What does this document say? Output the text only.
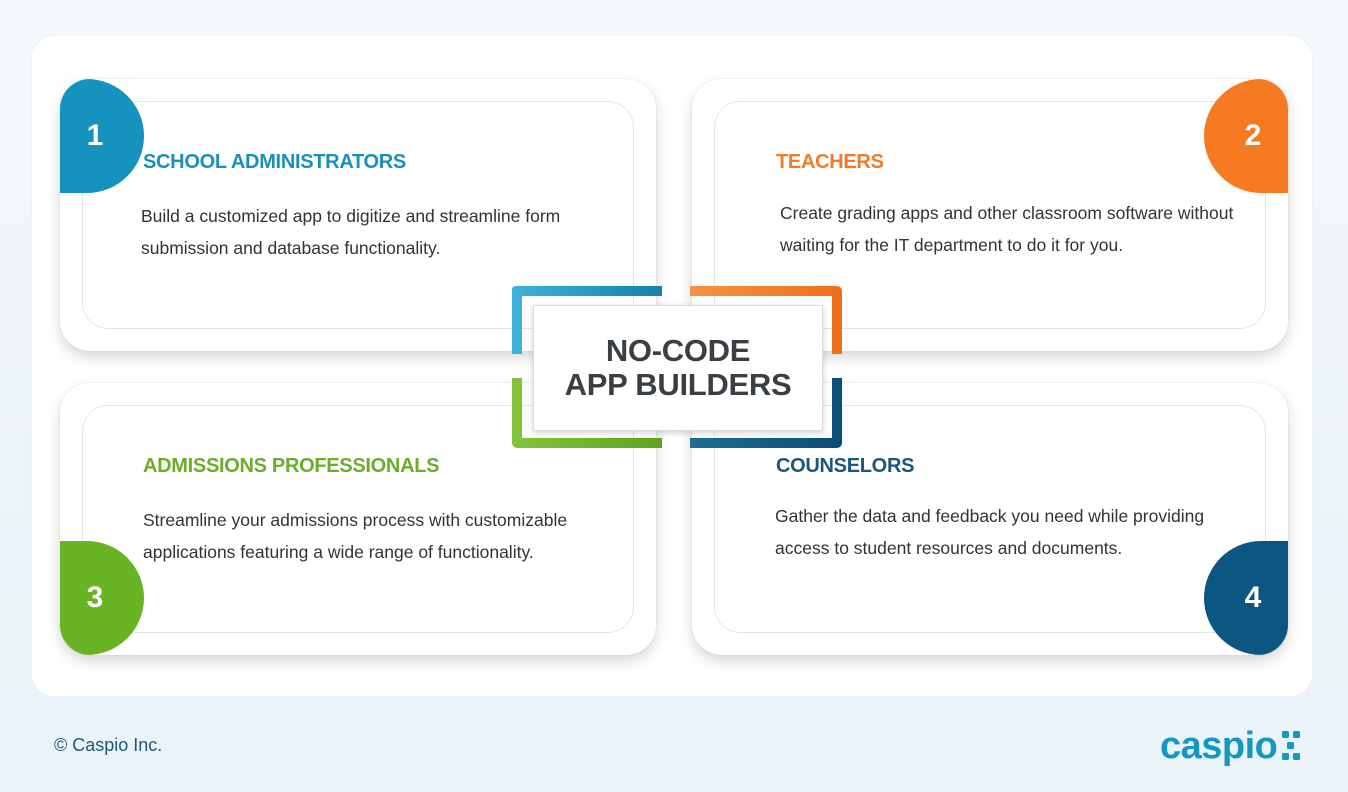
1
SCHOOL ADMINISTRATORS
Build a customized app to digitize and streamline form submission and database functionality.
2
TEACHERS
Create grading apps and other classroom software without waiting for the IT department to do it for you.
3
ADMISSIONS PROFESSIONALS
Streamline your admissions process with customizable applications featuring a wide range of functionality.
4
COUNSELORS
Gather the data and feedback you need while providing access to student resources and documents.
NO-CODE
APP BUILDERS
© Caspio Inc.	caspio
